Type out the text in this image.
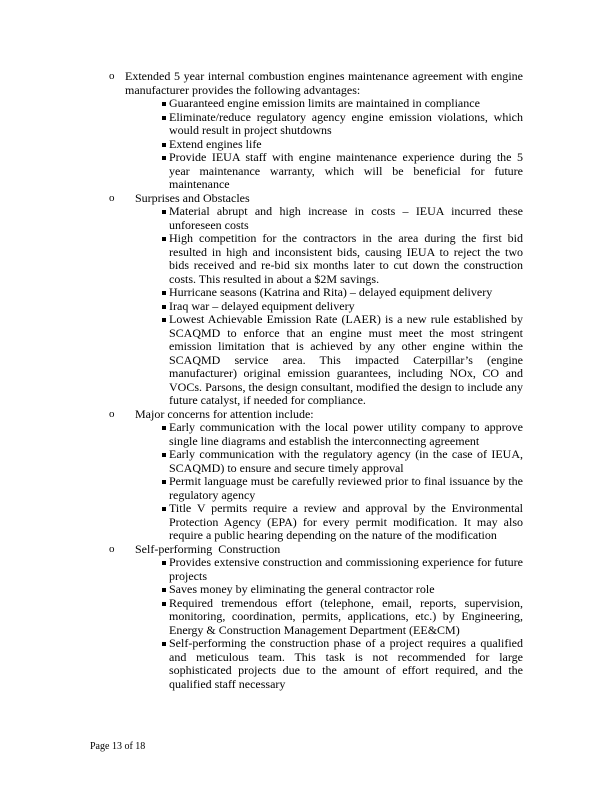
o Extended 5 year internal combustion engines maintenance agreement with engine manufacturer provides the following advantages:
Guaranteed engine emission limits are maintained in compliance
Eliminate/reduce regulatory agency engine emission violations, which would result in project shutdowns
Extend engines life
Provide IEUA staff with engine maintenance experience during the 5 year maintenance warranty, which will be beneficial for future maintenance
o Surprises and Obstacles
Material abrupt and high increase in costs – IEUA incurred these unforeseen costs
High competition for the contractors in the area during the first bid resulted in high and inconsistent bids, causing IEUA to reject the two bids received and re-bid six months later to cut down the construction costs. This resulted in about a $2M savings.
Hurricane seasons (Katrina and Rita) – delayed equipment delivery
Iraq war – delayed equipment delivery
Lowest Achievable Emission Rate (LAER) is a new rule established by SCAQMD to enforce that an engine must meet the most stringent emission limitation that is achieved by any other engine within the SCAQMD service area. This impacted Caterpillar’s (engine manufacturer) original emission guarantees, including NOx, CO and VOCs. Parsons, the design consultant, modified the design to include any future catalyst, if needed for compliance.
o Major concerns for attention include:
Early communication with the local power utility company to approve single line diagrams and establish the interconnecting agreement
Early communication with the regulatory agency (in the case of IEUA, SCAQMD) to ensure and secure timely approval
Permit language must be carefully reviewed prior to final issuance by the regulatory agency
Title V permits require a review and approval by the Environmental Protection Agency (EPA) for every permit modification. It may also require a public hearing depending on the nature of the modification
o Self-performing  Construction
Provides extensive construction and commissioning experience for future projects
Saves money by eliminating the general contractor role
Required tremendous effort (telephone, email, reports, supervision, monitoring, coordination, permits, applications, etc.) by Engineering, Energy & Construction Management Department (EE&CM)
Self-performing the construction phase of a project requires a qualified and meticulous team. This task is not recommended for large sophisticated projects due to the amount of effort required, and the qualified staff necessary
Page 13 of 18
